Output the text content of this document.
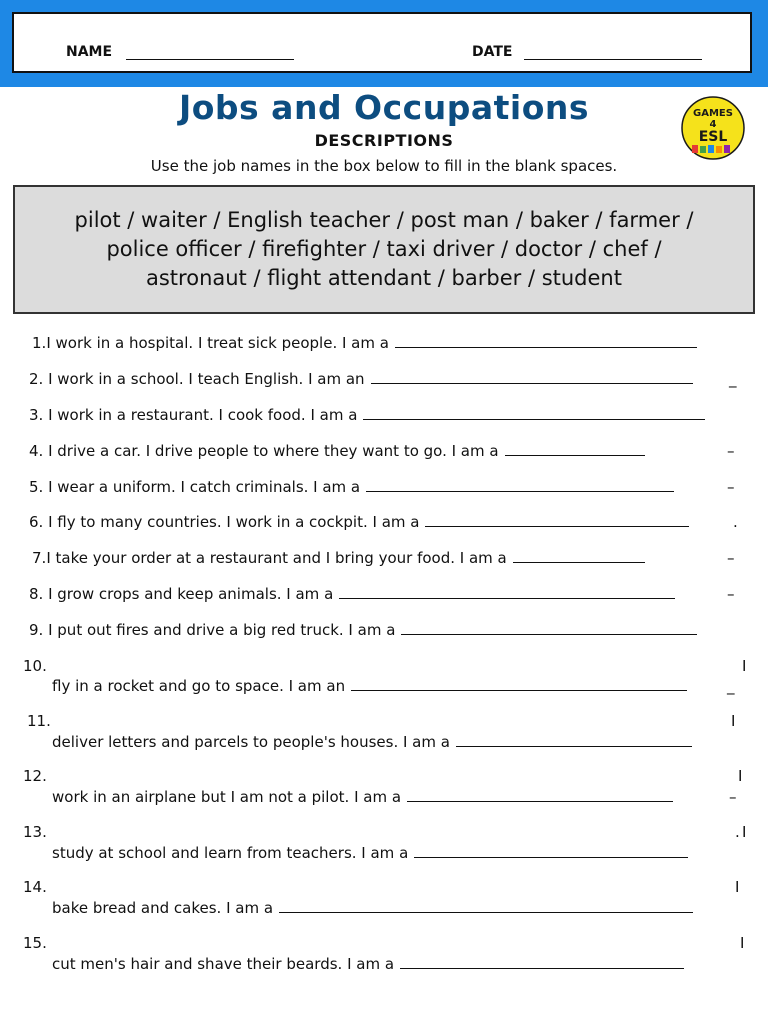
NAME	DATE
Jobs and Occupations
DESCRIPTIONS
Use the job names in the box below to fill in the blank spaces.
GAMES
4
ESL
pilot / waiter / English teacher / post man / baker / farmer /
police officer / firefighter / taxi driver / doctor / chef /
astronaut / flight attendant / barber / student
1.I work in a hospital. I treat sick people. I am a
2. I work in a school. I teach English. I am an	_
3. I work in a restaurant. I cook food. I am a
4. I drive a car. I drive people to where they want to go. I am a	–
5. I wear a uniform. I catch criminals. I am a	–
6. I fly to many countries. I work in a cockpit. I am a	.
7.I take your order at a restaurant and I bring your food. I am a	–
8. I grow crops and keep animals. I am a	–
9. I put out fires and drive a big red truck. I am a
10.	I
fly in a rocket and go to space. I am an	_
11.	I
deliver letters and parcels to people's houses. I am a
12.	I
work in an airplane but I am not a pilot. I am a	–
13.	. I
study at school and learn from teachers. I am a
14.	I
bake bread and cakes. I am a
15.	I
cut men's hair and shave their beards. I am a
